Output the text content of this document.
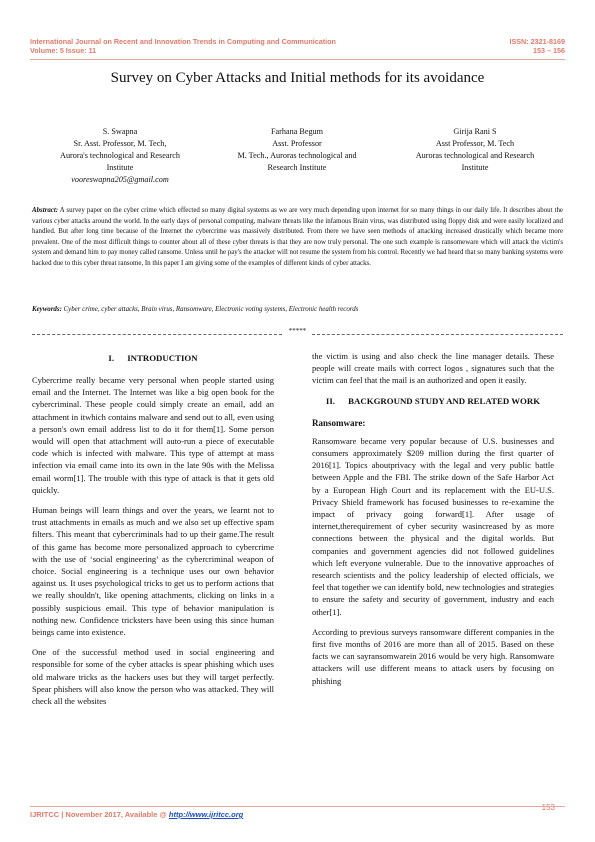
International Journal on Recent and Innovation Trends in Computing and Communication	ISSN: 2321-8169
Volume: 5 Issue: 11	153 – 156
Survey on Cyber Attacks and Initial methods for its avoidance
S. Swapna
Sr. Asst. Professor, M. Tech,
Aurora's technological and Research
Institute
vooreswapna205@gmail.com
Farhana Begum
Asst. Professor
M. Tech., Auroras technological and
Research Institute
Girija Rani S
Asst Professor, M. Tech
Auroras technological and Research
Institute
Abstract: A survey paper on the cyber crime which effected so many digital systems as we are very much depending upon internet for so many things in our daily life. It describes about the various cyber attacks around the world. In the early days of personal computing, malware threats like the infamous Brain virus, was distributed using floppy disk and were easily localized and handled. But after long time because of the Internet the cybercrime was massively distributed. From there we have seen methods of attacking increased drastically which became more prevalent. One of the most difficult things to counter about all of these cyber threats is that they are now truly personal. The one such example is ransomeware which will attack the victim's system and demand him to pay money called ransome. Unless until he pay's the attacker will not resume the system from his control. Recently we had heard that so many banking systems were hacked due to this cyber threat ransome, In this paper I am giving some of the examples of different kinds of cyber attacks.
Keywords: Cyber crime, cyber attacks, Brain virus, Ransomware, Electronic voting systems, Electronic health records
*****
I.      INTRODUCTION

Cybercrime really became very personal when people started using email and the Internet. The Internet was like a big open book for the cybercriminal. These people could simply create an email, add an attachment in itwhich contains malware and send out to all, even using a person's own email address list to do it for them[1]. Some person would will open that attachment will auto-run a piece of executable code which is infected with malware. This type of attempt at mass infection via email came into its own in the late 90s with the Melissa email worm[1]. The trouble with this type of attack is that it gets old quickly.

Human beings will learn things and over the years, we learnt not to trust attachments in emails as much and we also set up effective spam filters. This meant that cybercriminals had to up their game.The result of this game has become more personalized approach to cybercrime with the use of ‘social engineering’ as the cybercriminal weapon of choice. Social engineering is a technique uses our own behavior against us. It uses psychological tricks to get us to perform actions that we really shouldn't, like opening attachments, clicking on links in a possibly suspicious email. This type of behavior manipulation is nothing new. Confidence tricksters have been using this since human beings came into existence.

One of the successful method used in social engineering and responsible for some of the cyber attacks is spear phishing which uses old malware tricks as the hackers uses but they will target perfectly. Spear phishers will also know the person who was attacked. They will check all the websites

the victim is using and also check the line manager details. These people will create mails with correct logos , signatures such that the victim can feel that the mail is an authorized and open it easily.

II.      BACKGROUND STUDY AND RELATED WORK
Ransomware:

Ransomware became very popular because of U.S. businesses and consumers approximately $209 million during the first quarter of 2016[1]. Topics aboutprivacy with the legal and very public battle between Apple and the FBI. The strike down of the Safe Harbor Act by a European High Court and its replacement with the EU-U.S. Privacy Shield framework has focused businesses to re-examine the impact of privacy going forward[1]. After usage of internet,therequirement of cyber security wasincreased by as more connections between the physical and the digital worlds. But companies and government agencies did not followed guidelines which left everyone vulnerable. Due to the innovative approaches of research scientists and the policy leadership of elected officials, we feel that together we can identify bold, new technologies and strategies to ensure the safety and security of government, industry and each other[1].

According to previous surveys ransomware different companies in the first five months of 2016 are more than all of 2015. Based on these facts we can sayransomwarein 2016 would be very high. Ransomware attackers will use different means to attack users by focusing on phishing

153
IJRITCC | November 2017, Available @ http://www.ijritcc.org
